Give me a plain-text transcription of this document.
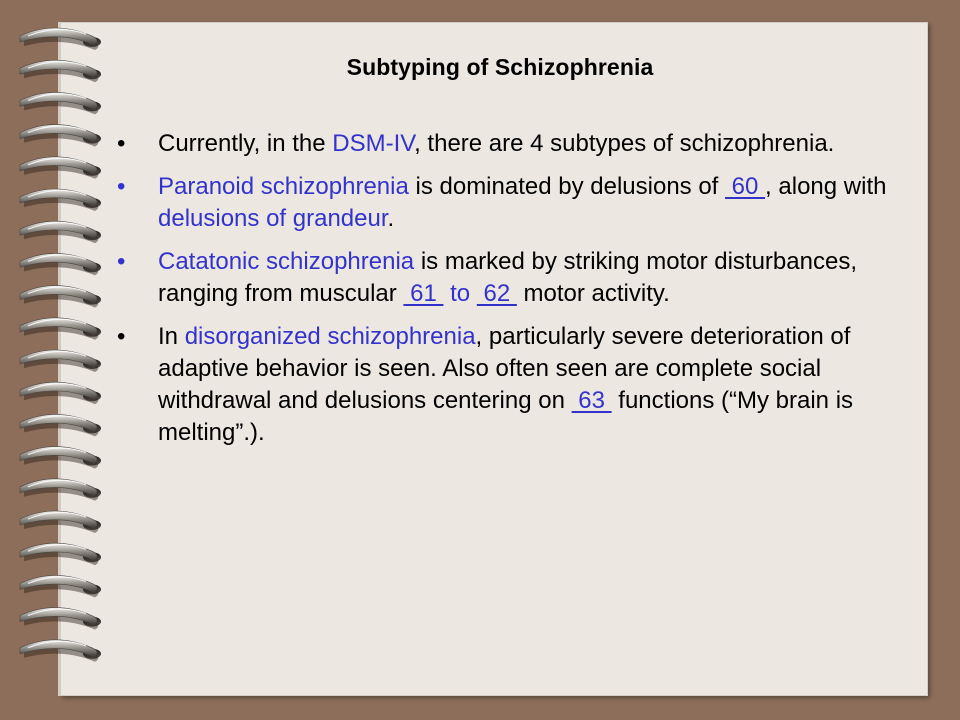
Subtyping of Schizophrenia
• Currently, in the DSM-IV, there are 4 subtypes of schizophrenia.
• Paranoid schizophrenia is dominated by delusions of  60 , along with delusions of grandeur.
• Catatonic schizophrenia is marked by striking motor disturbances, ranging from muscular  61  to  62  motor activity.
• In disorganized schizophrenia, particularly severe deterioration of adaptive behavior is seen. Also often seen are complete social withdrawal and delusions centering on  63  functions (“My brain is melting”.).
